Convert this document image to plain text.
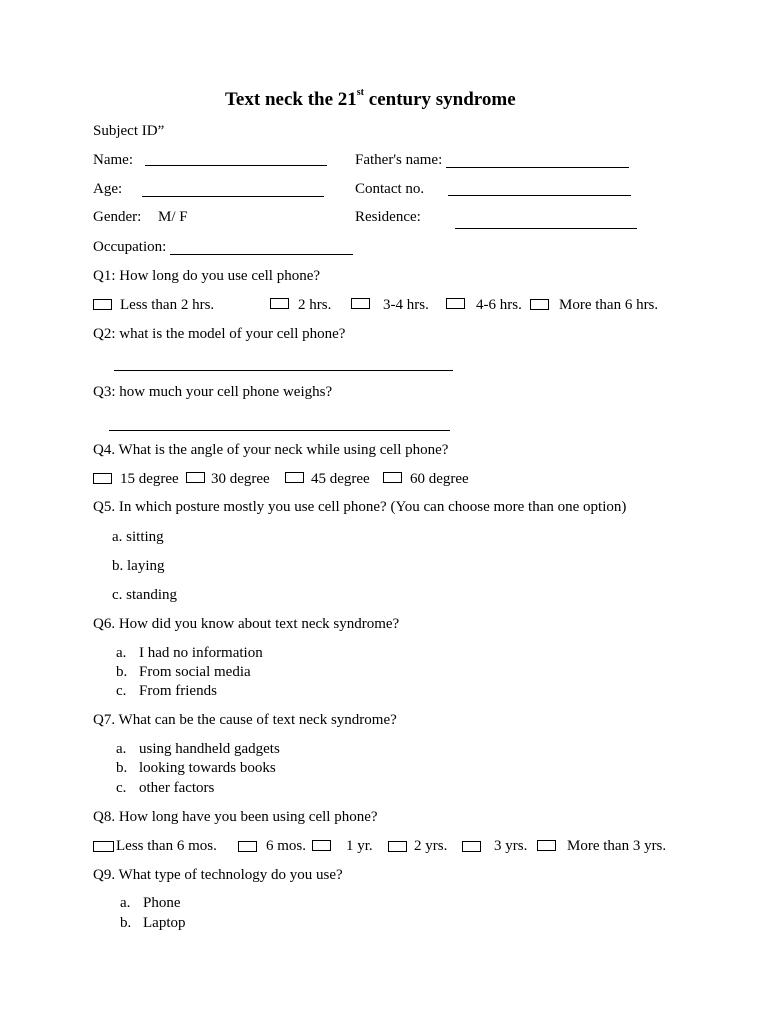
Text neck the 21st century syndrome
Subject ID”
Name:	Father's name:
Age:	Contact no.
Gender: M/ F	Residence:
Occupation:
Q1: How long do you use cell phone?
Less than 2 hrs.	2 hrs.	3-4 hrs.	4-6 hrs. More than 6 hrs.
Q2: what is the model of your cell phone?
Q3: how much your cell phone weighs?
Q4. What is the angle of your neck while using cell phone?
15 degree 30 degree	45 degree	60 degree
Q5. In which posture mostly you use cell phone? (You can choose more than one option)
a. sitting
b. laying
c. standing
Q6. How did you know about text neck syndrome?
a. I had no information
b. From social media
c. From friends
Q7. What can be the cause of text neck syndrome?
a. using handheld gadgets
b. looking towards books
c. other factors
Q8. How long have you been using cell phone?
Less than 6 mos.	6 mos.	1 yr.	2 yrs.	3 yrs.	More than 3 yrs.
Q9. What type of technology do you use?
a. Phone
b. Laptop
